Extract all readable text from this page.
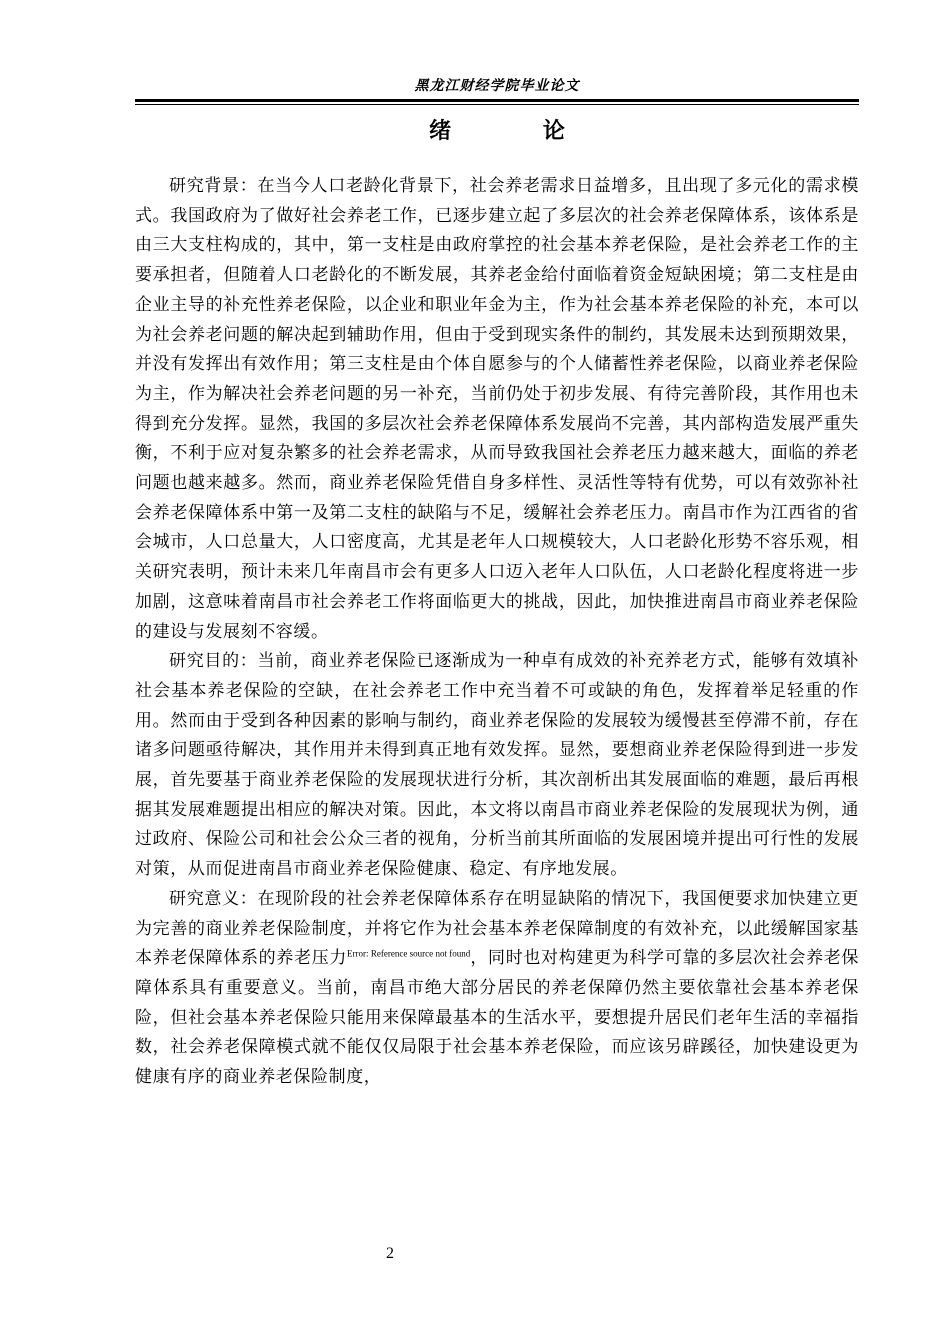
黑龙江财经学院毕业论文
绪 论

研究背景：在当今人口老龄化背景下，社会养老需求日益增多，且出现了多元化的需求模式。我国政府为了做好社会养老工作，已逐步建立起了多层次的社会养老保障体系，该体系是由三大支柱构成的，其中，第一支柱是由政府掌控的社会基本养老保险，是社会养老工作的主要承担者，但随着人口老龄化的不断发展，其养老金给付面临着资金短缺困境；第二支柱是由企业主导的补充性养老保险，以企业和职业年金为主，作为社会基本养老保险的补充，本可以为社会养老问题的解决起到辅助作用，但由于受到现实条件的制约，其发展未达到预期效果，并没有发挥出有效作用；第三支柱是由个体自愿参与的个人储蓄性养老保险，以商业养老保险为主，作为解决社会养老问题的另一补充，当前仍处于初步发展、有待完善阶段，其作用也未得到充分发挥。显然，我国的多层次社会养老保障体系发展尚不完善，其内部构造发展严重失衡，不利于应对复杂繁多的社会养老需求，从而导致我国社会养老压力越来越大，面临的养老问题也越来越多。然而，商业养老保险凭借自身多样性、灵活性等特有优势，可以有效弥补社会养老保障体系中第一及第二支柱的缺陷与不足，缓解社会养老压力。南昌市作为江西省的省会城市，人口总量大，人口密度高，尤其是老年人口规模较大，人口老龄化形势不容乐观，相关研究表明，预计未来几年南昌市会有更多人口迈入老年人口队伍，人口老龄化程度将进一步加剧，这意味着南昌市社会养老工作将面临更大的挑战，因此，加快推进南昌市商业养老保险的建设与发展刻不容缓。

研究目的：当前，商业养老保险已逐渐成为一种卓有成效的补充养老方式，能够有效填补社会基本养老保险的空缺，在社会养老工作中充当着不可或缺的角色，发挥着举足轻重的作用。然而由于受到各种因素的影响与制约，商业养老保险的发展较为缓慢甚至停滞不前，存在诸多问题亟待解决，其作用并未得到真正地有效发挥。显然，要想商业养老保险得到进一步发展，首先要基于商业养老保险的发展现状进行分析，其次剖析出其发展面临的难题，最后再根据其发展难题提出相应的解决对策。因此，本文将以南昌市商业养老保险的发展现状为例，通过政府、保险公司和社会公众三者的视角，分析当前其所面临的发展困境并提出可行性的发展对策，从而促进南昌市商业养老保险健康、稳定、有序地发展。

研究意义：在现阶段的社会养老保障体系存在明显缺陷的情况下，我国便要求加快建立更为完善的商业养老保险制度，并将它作为社会基本养老保障制度的有效补充，以此缓解国家基本养老保障体系的养老压力$^{Error: Reference source not found}$，同时也对构建更为科学可靠的多层次社会养老保障体系具有重要意义。当前，南昌市绝大部分居民的养老保障仍然主要依靠社会基本养老保险，但社会基本养老保险只能用来保障最基本的生活水平，要想提升居民们老年生活的幸福指数，社会养老保障模式就不能仅仅局限于社会基本养老保险，而应该另辟蹊径，加快建设更为健康有序的商业养老保险制度，

2
